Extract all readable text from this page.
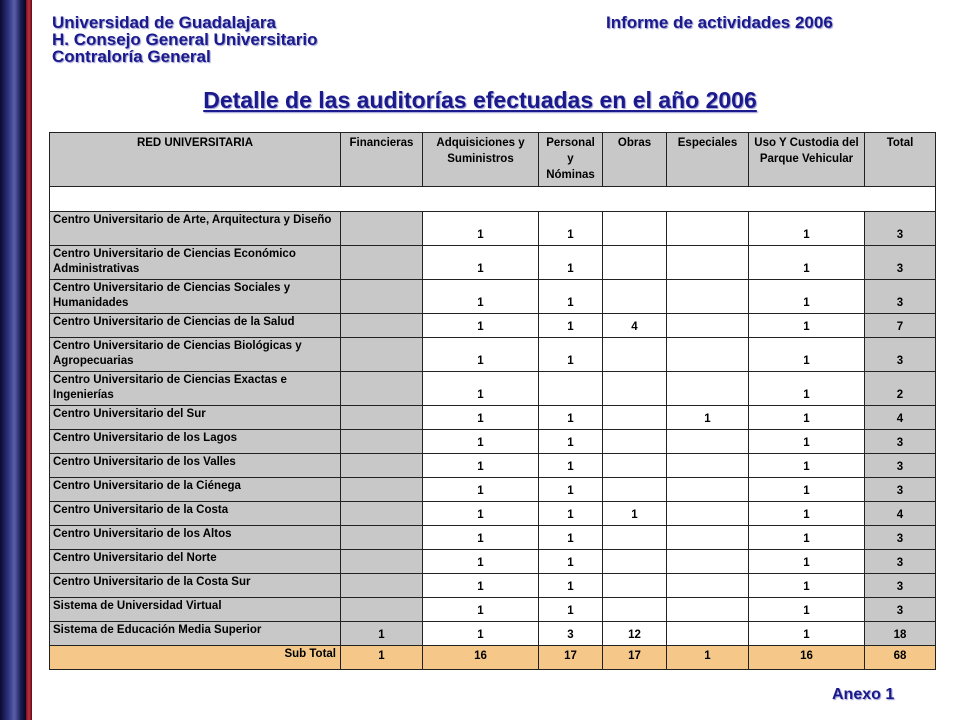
Universidad de Guadalajara
H. Consejo General Universitario
Contraloría General
Informe de actividades 2006
Detalle de las auditorías efectuadas en el año 2006
RED UNIVERSITARIA	Financieras	Adquisiciones y Suministros	Personal y Nóminas	Obras	Especiales	Uso Y Custodia del Parque Vehicular	Total

Centro Universitario de Arte, Arquitectura y Diseño		1	1			1	3
Centro Universitario de Ciencias Económico Administrativas		1	1			1	3
Centro Universitario de Ciencias Sociales y Humanidades		1	1			1	3
Centro Universitario de Ciencias de la Salud		1	1	4		1	7
Centro Universitario de Ciencias Biológicas y Agropecuarias		1	1			1	3
Centro Universitario de Ciencias Exactas e Ingenierías		1				1	2
Centro Universitario del Sur		1	1		1	1	4
Centro Universitario de los Lagos		1	1			1	3
Centro Universitario de los Valles		1	1			1	3
Centro Universitario de la Ciénega		1	1			1	3
Centro Universitario de la Costa		1	1	1		1	4
Centro Universitario de los Altos		1	1			1	3
Centro Universitario del Norte		1	1			1	3
Centro Universitario de la Costa Sur		1	1			1	3
Sistema de Universidad Virtual		1	1			1	3
Sistema de Educación Media Superior	1	1	3	12		1	18
Sub Total	1	16	17	17	1	16	68
Anexo 1
